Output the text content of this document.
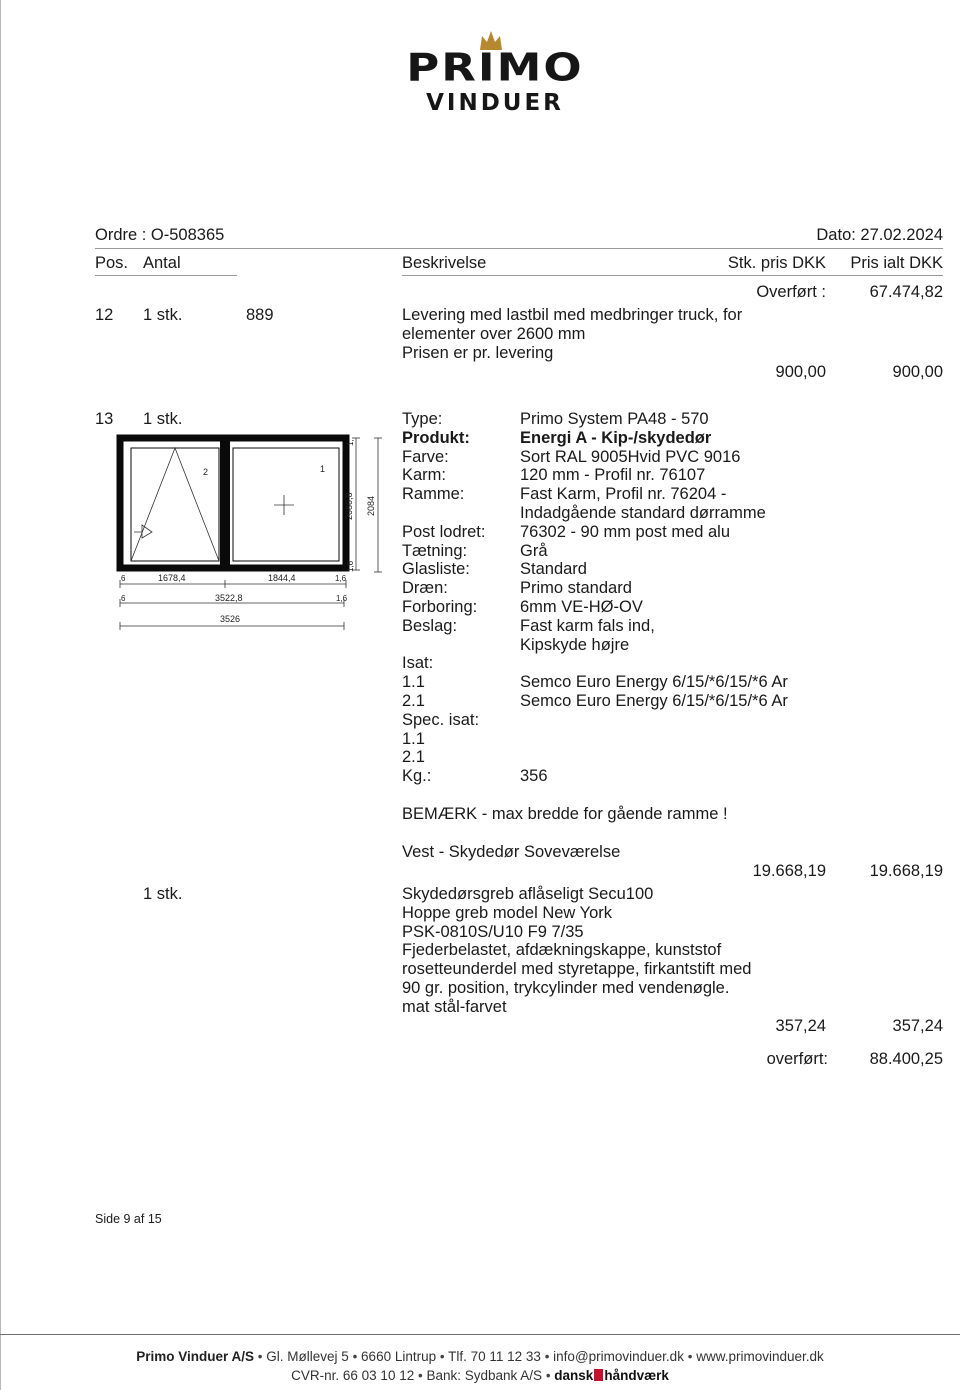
PRIMO
VINDUER
Ordre : O-508365	Dato: 27.02.2024
Pos. Antal	Beskrivelse	Stk. pris DKK Pris ialt DKK
Overført :	67.474,82
12 1 stk.	889	Levering med lastbil med medbringer truck, for
elementer over 2600 mm
Prisen er pr. levering
900,00	900,00
13 1 stk.
2	1
2080,8 2084
1,
1,6
6	1678,4	1844,4	1,6
6	3522,8	1,6
3526
Type:	Primo System PA48 - 570
Produkt:	Energi A - Kip-/skydedør
Farve:	Sort RAL 9005Hvid PVC 9016
Karm:	120 mm - Profil nr. 76107
Ramme:	Fast Karm, Profil nr. 76204 -
Indadgående standard dørramme
Post lodret: 76302 - 90 mm post med alu
Tætning:	Grå
Glasliste:	Standard
Dræn:	Primo standard
Forboring:	6mm VE-HØ-OV
Beslag:	Fast karm fals ind,
Kipskyde højre
Isat:
1.1	Semco Euro Energy 6/15/*6/15/*6 Ar
2.1	Semco Euro Energy 6/15/*6/15/*6 Ar
Spec. isat:
1.1
2.1
Kg.:	356
BEMÆRK - max bredde for gående ramme !
Vest - Skydedør Soveværelse
19.668,19	19.668,19
1 stk.	Skydedørsgreb aflåseligt Secu100
Hoppe greb model New York
PSK-0810S/U10 F9 7/35
Fjederbelastet, afdækningskappe, kunststof
rosetteunderdel med styretappe, firkantstift med
90 gr. position, trykcylinder med vendenøgle.
mat stål-farvet
357,24	357,24
overført:	88.400,25
Side 9 af 15
Primo Vinduer A/S • Gl. Møllevej 5 • 6660 Lintrup • Tlf. 70 11 12 33 • info@primovinduer.dk • www.primovinduer.dk
CVR-nr. 66 03 10 12 • Bank: Sydbank A/S • dansk håndværk
